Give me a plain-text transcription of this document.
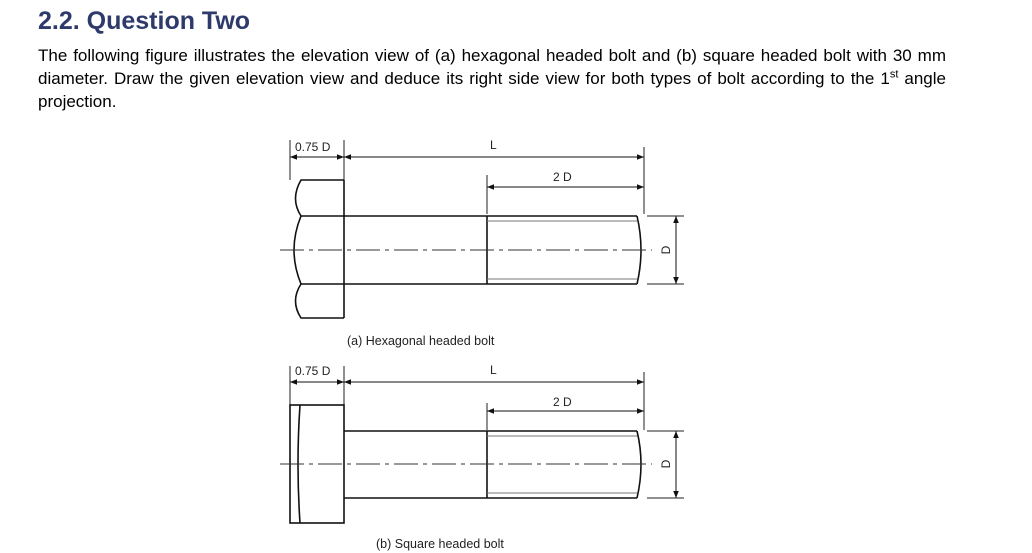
2.2. Question Two

The following figure illustrates the elevation view of (a) hexagonal headed bolt and (b) square headed bolt with 30 mm diameter. Draw the given elevation view and deduce its right side view for both types of bolt according to the 1st angle projection.

0.75 D	L
2 D
D
(a) Hexagonal headed bolt
0.75 D	L
2 D
D
(b) Square headed bolt
